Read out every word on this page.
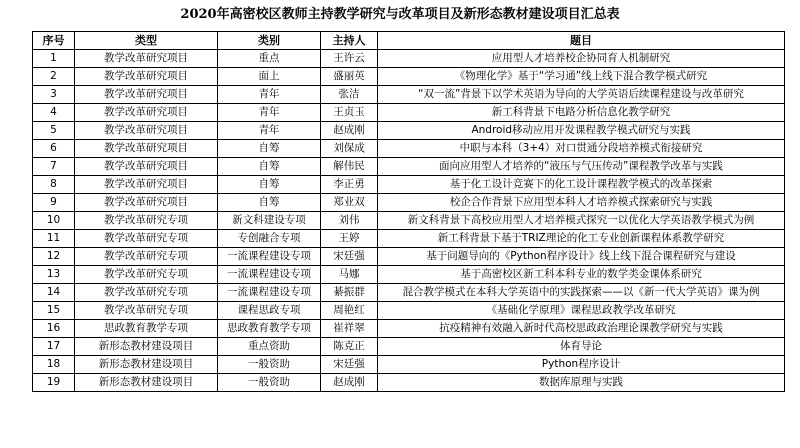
2020年高密校区教师主持教学研究与改革项目及新形态教材建设项目汇总表
序号	类型	类别	主持人	题目
1	教学改革研究项目	重点	王许云	应用型人才培养校企协同育人机制研究
2	教学改革研究项目	面上	盛丽英	《物理化学》基于“学习通”线上线下混合教学模式研究
3	教学改革研究项目	青年	张洁	“双一流”背景下以学术英语为导向的大学英语后续课程建设与改革研究
4	教学改革研究项目	青年	王贞玉	新工科背景下电路分析信息化教学研究
5	教学改革研究项目	青年	赵成刚	Android移动应用开发课程教学模式研究与实践
6	教学改革研究项目	自筹	刘保成	中职与本科（3+4）对口贯通分段培养模式衔接研究
7	教学改革研究项目	自筹	解伟民	面向应用型人才培养的“液压与气压传动”课程教学改革与实践
8	教学改革研究项目	自筹	李正勇	基于化工设计竞赛下的化工设计课程教学模式的改革探索
9	教学改革研究项目	自筹	郑业双	校企合作背景下应用型本科人才培养模式探索研究与实践
10	教学改革研究专项	新文科建设专项	刘伟	新文科背景下高校应用型人才培养模式探究一以优化大学英语教学模式为例
11	教学改革研究专项	专创融合专项	王婷	新工科背景下基于TRIZ理论的化工专业创新课程体系教学研究
12	教学改革研究专项	一流课程建设专项	宋廷强	基于问题导向的《Python程序设计》线上线下混合课程研究与建设
13	教学改革研究专项	一流课程建设专项	马娜	基于高密校区新工科本科专业的数学类金课体系研究
14	教学改革研究专项	一流课程建设专项	綦振群	混合教学模式在本科大学英语中的实践探索——以《新一代大学英语》课为例
15	教学改革研究专项	课程思政专项	周艳红	《基础化学原理》课程思政教学改革研究
16	思政教育教学专项	思政教育教学专项	崔祥翠	抗疫精神有效融入新时代高校思政政治理论课教学研究与实践
17	新形态教材建设项目	重点资助	陈克正	体育导论
18	新形态教材建设项目	一般资助	宋廷强	Python程序设计
19	新形态教材建设项目	一般资助	赵成刚	数据库原理与实践
